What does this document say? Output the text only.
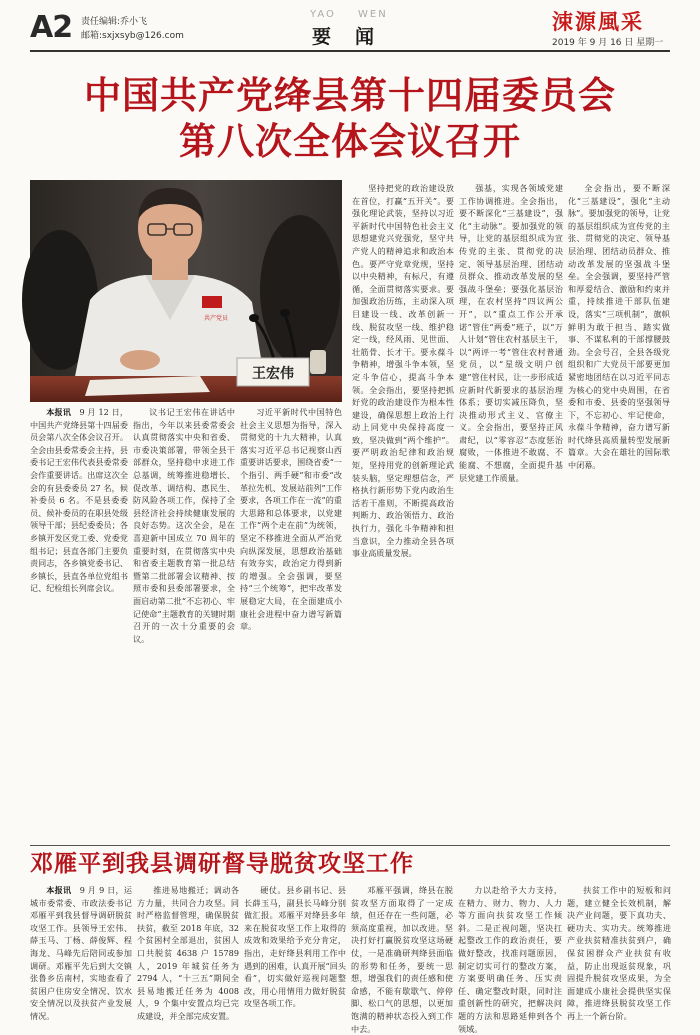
A2 责任编辑:乔小飞
邮箱:sxjxsyb@126.com
YAO WEN
要闻
涑源風采
2019 年 9 月 16 日 星期一
中国共产党绛县第十四届委员会
第八次全体会议召开
共产党员
王宏伟

本报讯　 9 月 12 日，中国共产党绛县第十四届委员会第八次全体会议召开。全会由县委常委会主持，县委书记王宏伟代表县委常委会作重要讲话。出席这次全会的有县委委员 27 名，候补委员 6 名。不是县委委员、候补委员的在职县处级领导干部；县纪委委员；各乡镇开发区党工委、党委党组书记；县直各部门主要负责同志，各乡镇党委书记、乡镇长，县直各单位党组书记、纪检组长列席会议。

议书记王宏伟在讲话中指出，今年以来县委常委会认真贯彻落实中央和省委、市委决策部署，带领全县干部群众，坚持稳中求进工作总基调，统筹推进稳增长、促改革、调结构、惠民生、防风险各项工作，保持了全县经济社会持续健康发展的良好态势。这次全会，是在喜迎新中国成立 70 周年的重要时刻，在贯彻落实中央和省委主题教育第一批总结暨第二批部署会议精神、按照市委和县委部署要求，全面启动第二批“不忘初心、牢记使命”主题教育的关键时期召开的一次十分重要的会议。

习近平新时代中国特色社会主义思想为指导，深入贯彻党的十九大精神，认真落实习近平总书记视察山西重要讲话要求，围绕省委“一个指引、两手硬”和市委“改革拉先机、发展站前列”工作要求，各项工作在一流”的重大思路和总体要求，以党建工作“两个走在前”为统领，坚定不移推进全面从严治党向纵深发展，思想政治基础有效夯实，政治定力得到新的增强。全会强调，要坚持“三个统筹”，把牢改革发展稳定大局，在全面建成小康社会进程中奋力谱写新篇章。

坚持把党的政治建设放在首位，打赢“五开关”。要强化理论武装，坚持以习近平新时代中国特色社会主义思想建党兴党强党，坚守共产党人的精神追求和政治本色。要严守党章党规，坚持以中央精神，有标尺，有遵循，全面贯彻落实要求。要加强政治历练，主动深入项目建设一线、改革创新一线、脱贫攻坚一线、维护稳定一线，经风雨、见世面、壮筋骨、长才干。要永葆斗争精神，增强斗争本领，坚定斗争信心，提高斗争本领。全会指出，要坚持把抓好党的政治建设作为根本性建设，确保思想上政治上行动上同党中央保持高度一致，坚决做到“两个维护”。要严明政治纪律和政治规矩，坚持用党的创新理论武装头脑，坚定理想信念，严格执行新形势下党内政治生活若干准则，不断提高政治判断力、政治领悟力、政治执行力，强化斗争精神和担当意识，全力推动全县各项事业高质量发展。

强基，实现各领域党建工作协调推进。全会指出，要不断深化“三基建设”，强化“主动脉”。要加强党的领导，让党的基层组织成为宣传党的主张、贯彻党的决定、领导基层治理、团结动员群众、推动改革发展的坚强战斗堡垒；要强化基层治理，在农村坚持“四议两公开”，以“重点工作公开承诺”管住“两委”班子，以“万人计划”管住农村基层主干，以“两评一考”管住农村普通党员，以“星级文明户创建”管住村民，让一步形成适应新时代新要求的基层治理体系；要切实减压降负，坚决推动形式主义、官僚主义。全会指出，要坚持正风肃纪，以“零容忍”态度惩治腐败，一体推进不敢腐、不能腐、不想腐，全面提升基层党建工作质量。

全会指出，要不断深化“三基建设”，强化“主动脉”。要加强党的领导，让党的基层组织成为宣传党的主张、贯彻党的决定、领导基层治理、团结动员群众、推动改革发展的坚强战斗堡垒。全会强调，要坚持严管和厚爱结合、激励和约束并重，持续推进干部队伍建设，落实“三项机制”，旗帜鲜明为敢于担当、踏实做事、不谋私利的干部撑腰鼓劲。全会号召，全县各级党组织和广大党员干部要更加紧密地团结在以习近平同志为核心的党中央周围，在省委和市委、县委的坚强领导下，不忘初心、牢记使命，永葆斗争精神，奋力谱写新时代绛县高质量转型发展新篇章。大会在雄壮的国际歌中闭幕。

邓雁平到我县调研督导脱贫攻坚工作

本报讯　 9 月 9 日，运城市委常委、市政法委书记邓雁平到我县督导调研脱贫攻坚工作。县领导王宏伟、薛玉马、丁杨、薛俊辉、程海龙、马峰先后陪同或参加调研。邓雁平先后到大交镇张鲁乡岳南村，实地查看了贫困户住房安全情况、饮水安全情况以及扶贫产业发展情况。

推进易地搬迁；调动各方力量，共同合力攻坚。同时严格监督管理，确保脱贫扶贫，截至 2018 年底，32 个贫困村全部退出，贫困人口共脱贫 4638 户 15789 人，2019 年城贫任务为 2794 人，“十三五”期间全县易地搬迁任务为 4008 人，9 个集中安置点均已完成建设，并全部完成安置。

硬仗。县乡副书记、县长薛玉马，副县长马峰分别做汇报。邓雁平对绛县多年来在脱贫攻坚工作上取得的成效和效果给予充分肯定，指出，走好绛县利用工作中遇到的困难，认真开展“回头看”，切实做好巡视问题整改，用心用情用力做好脱贫攻坚各项工作。

邓雁平强调，绛县在脱贫攻坚方面取得了一定成绩，但还存在一些问题，必须高度重视，加以改进。坚决打好打赢脱贫攻坚这场硬仗，一是准确研判绛县面临的形势和任务，要统一思想，增强我们的责任感和使命感，不能有歇歇气、停停脚、松口气的思想，以更加饱满的精神状态投入到工作中去。

力以赴给予大力支持，在精力、财力、物力、人力等方面向扶贫攻坚工作倾斜。二是正视问题，坚决扛起整改工作的政治责任，要做好整改，找准问题原因，制定切实可行的整改方案，方案要明确任务、压实责任、确定整改时限，同时注重创新性的研究，把解决问题的方法和思路延伸到各个领域。

扶贫工作中的短板和问题，建立健全长效机制，解决产业问题，要下真功夫、硬功夫、实功夫。统筹推进产业扶贫精准扶贫到户，确保贫困群众产业扶贫有收益，防止出现返贫现象，巩固提升脱贫攻坚成果，为全面建成小康社会提供坚实保障，推进绛县脱贫攻坚工作再上一个新台阶。
